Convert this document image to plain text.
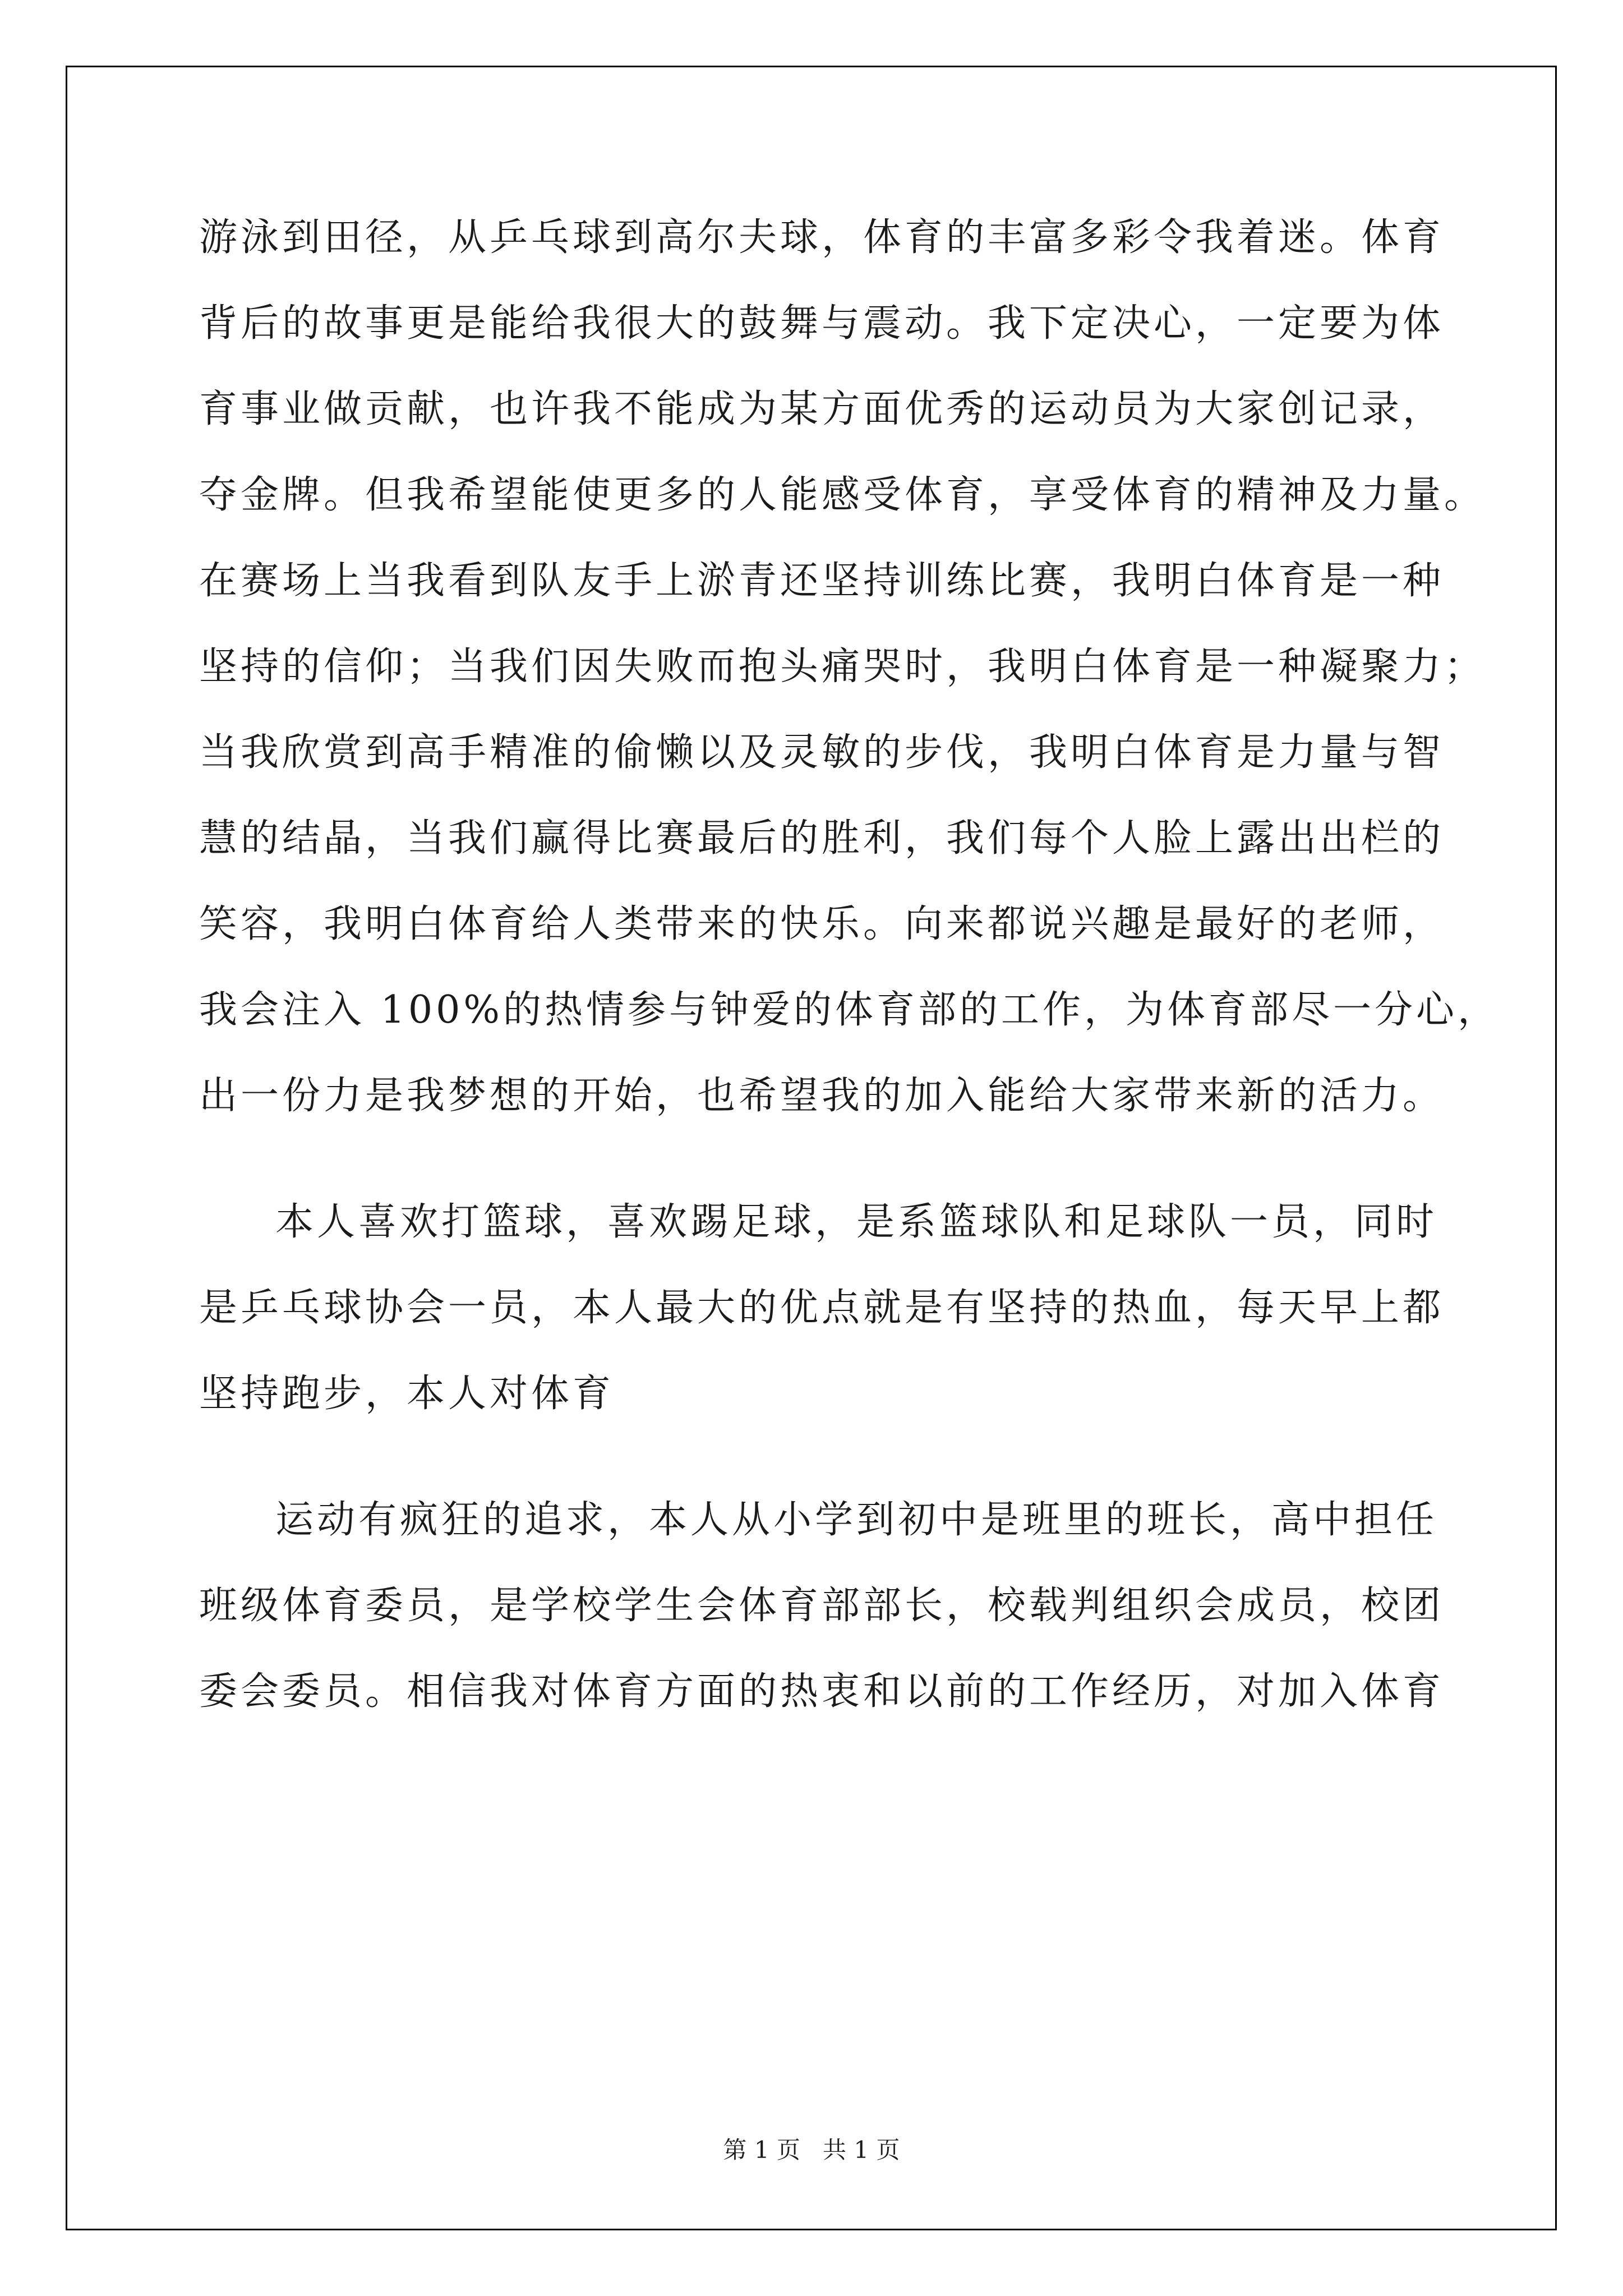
游泳到田径，从乒乓球到高尔夫球，体育的丰富多彩令我着迷。体育
背后的故事更是能给我很大的鼓舞与震动。我下定决心，一定要为体
育事业做贡献，也许我不能成为某方面优秀的运动员为大家创记录，
夺金牌。但我希望能使更多的人能感受体育，享受体育的精神及力量。
在赛场上当我看到队友手上淤青还坚持训练比赛，我明白体育是一种
坚持的信仰；当我们因失败而抱头痛哭时，我明白体育是一种凝聚力；
当我欣赏到高手精准的偷懒以及灵敏的步伐，我明白体育是力量与智
慧的结晶，当我们赢得比赛最后的胜利，我们每个人脸上露出出栏的
笑容，我明白体育给人类带来的快乐。向来都说兴趣是最好的老师，
我会注入 100%的热情参与钟爱的体育部的工作，为体育部尽一分心，
出一份力是我梦想的开始，也希望我的加入能给大家带来新的活力。
本人喜欢打篮球，喜欢踢足球，是系篮球队和足球队一员，同时
是乒乓球协会一员，本人最大的优点就是有坚持的热血，每天早上都
坚持跑步，本人对体育
运动有疯狂的追求，本人从小学到初中是班里的班长，高中担任
班级体育委员，是学校学生会体育部部长，校载判组织会成员，校团
委会委员。相信我对体育方面的热衷和以前的工作经历，对加入体育
第 1 页   共 1 页
